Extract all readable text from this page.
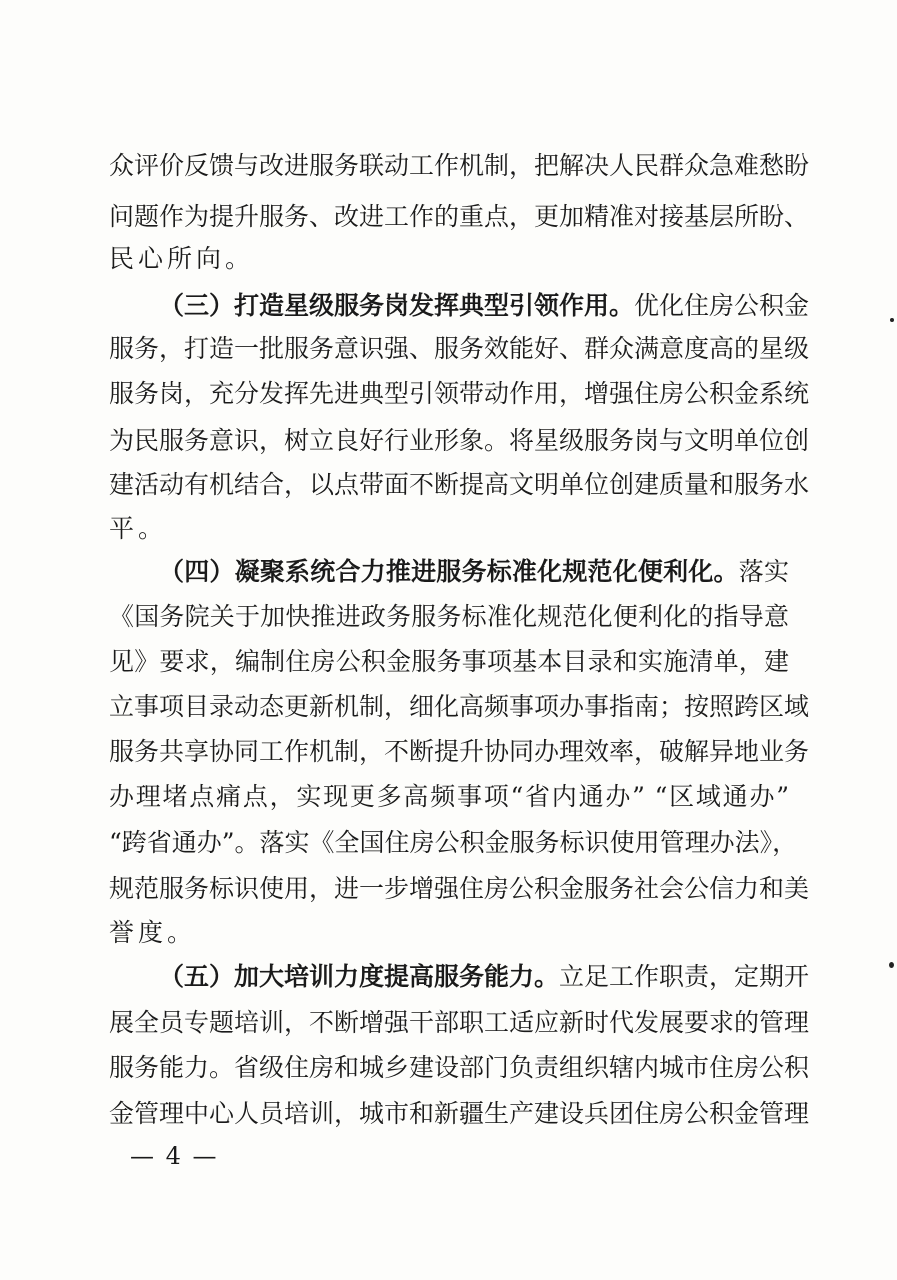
众评价反馈与改进服务联动工作机制，把解决人民群众急难愁盼
问题作为提升服务、改进工作的重点，更加精准对接基层所盼、
民心所向。
（三）打造星级服务岗发挥典型引领作用。优化住房公积金
服务，打造一批服务意识强、服务效能好、群众满意度高的星级
服务岗，充分发挥先进典型引领带动作用，增强住房公积金系统
为民服务意识，树立良好行业形象。将星级服务岗与文明单位创
建活动有机结合，以点带面不断提高文明单位创建质量和服务水
平。
（四）凝聚系统合力推进服务标准化规范化便利化。落实
《国务院关于加快推进政务服务标准化规范化便利化的指导意
见》要求，编制住房公积金服务事项基本目录和实施清单，建
立事项目录动态更新机制，细化高频事项办事指南；按照跨区域
服务共享协同工作机制，不断提升协同办理效率，破解异地业务
办理堵点痛点，实现更多高频事项“省内通办” “区域通办”
“跨省通办”。落实《全国住房公积金服务标识使用管理办法》，
规范服务标识使用，进一步增强住房公积金服务社会公信力和美
誉度。
（五）加大培训力度提高服务能力。立足工作职责，定期开
展全员专题培训，不断增强干部职工适应新时代发展要求的管理
服务能力。省级住房和城乡建设部门负责组织辖内城市住房公积
金管理中心人员培训，城市和新疆生产建设兵团住房公积金管理
— 4 —
